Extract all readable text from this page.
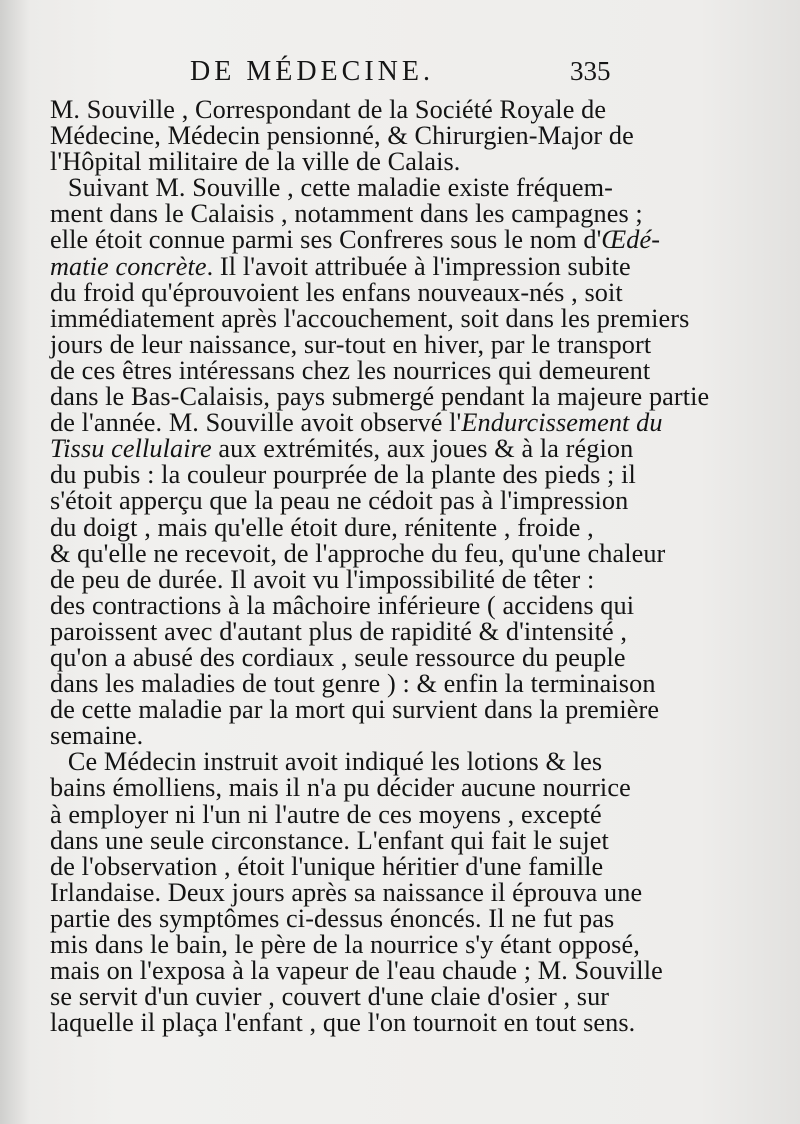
DE MÉDECINE.	335
M. Souville , Correspondant de la Société Royale de
Médecine, Médecin pensionné, & Chirurgien-Major de
l'Hôpital militaire de la ville de Calais.
Suivant M. Souville , cette maladie existe fréquem-
ment dans le Calaisis , notamment dans les campagnes ;
elle étoit connue parmi ses Confreres sous le nom d'Œdé-
matie concrète. Il l'avoit attribuée à l'impression subite
du froid qu'éprouvoient les enfans nouveaux-nés , soit
immédiatement après l'accouchement, soit dans les premiers
jours de leur naissance, sur-tout en hiver, par le transport
de ces êtres intéressans chez les nourrices qui demeurent
dans le Bas-Calaisis, pays submergé pendant la majeure partie
de l'année. M. Souville avoit observé l'Endurcissement du
Tissu cellulaire aux extrémités, aux joues & à la région
du pubis : la couleur pourprée de la plante des pieds ; il
s'étoit apperçu que la peau ne cédoit pas à l'impression
du doigt , mais qu'elle étoit dure, rénitente , froide ,
& qu'elle ne recevoit, de l'approche du feu, qu'une chaleur
de peu de durée. Il avoit vu l'impossibilité de têter :
des contractions à la mâchoire inférieure ( accidens qui
paroissent avec d'autant plus de rapidité & d'intensité ,
qu'on a abusé des cordiaux , seule ressource du peuple
dans les maladies de tout genre ) : & enfin la terminaison
de cette maladie par la mort qui survient dans la première
semaine.
Ce Médecin instruit avoit indiqué les lotions & les
bains émolliens, mais il n'a pu décider aucune nourrice
à employer ni l'un ni l'autre de ces moyens , excepté
dans une seule circonstance. L'enfant qui fait le sujet
de l'observation , étoit l'unique héritier d'une famille
Irlandaise. Deux jours après sa naissance il éprouva une
partie des symptômes ci-dessus énoncés. Il ne fut pas
mis dans le bain, le père de la nourrice s'y étant opposé,
mais on l'exposa à la vapeur de l'eau chaude ; M. Souville
se servit d'un cuvier , couvert d'une claie d'osier , sur
laquelle il plaça l'enfant , que l'on tournoit en tout sens.
